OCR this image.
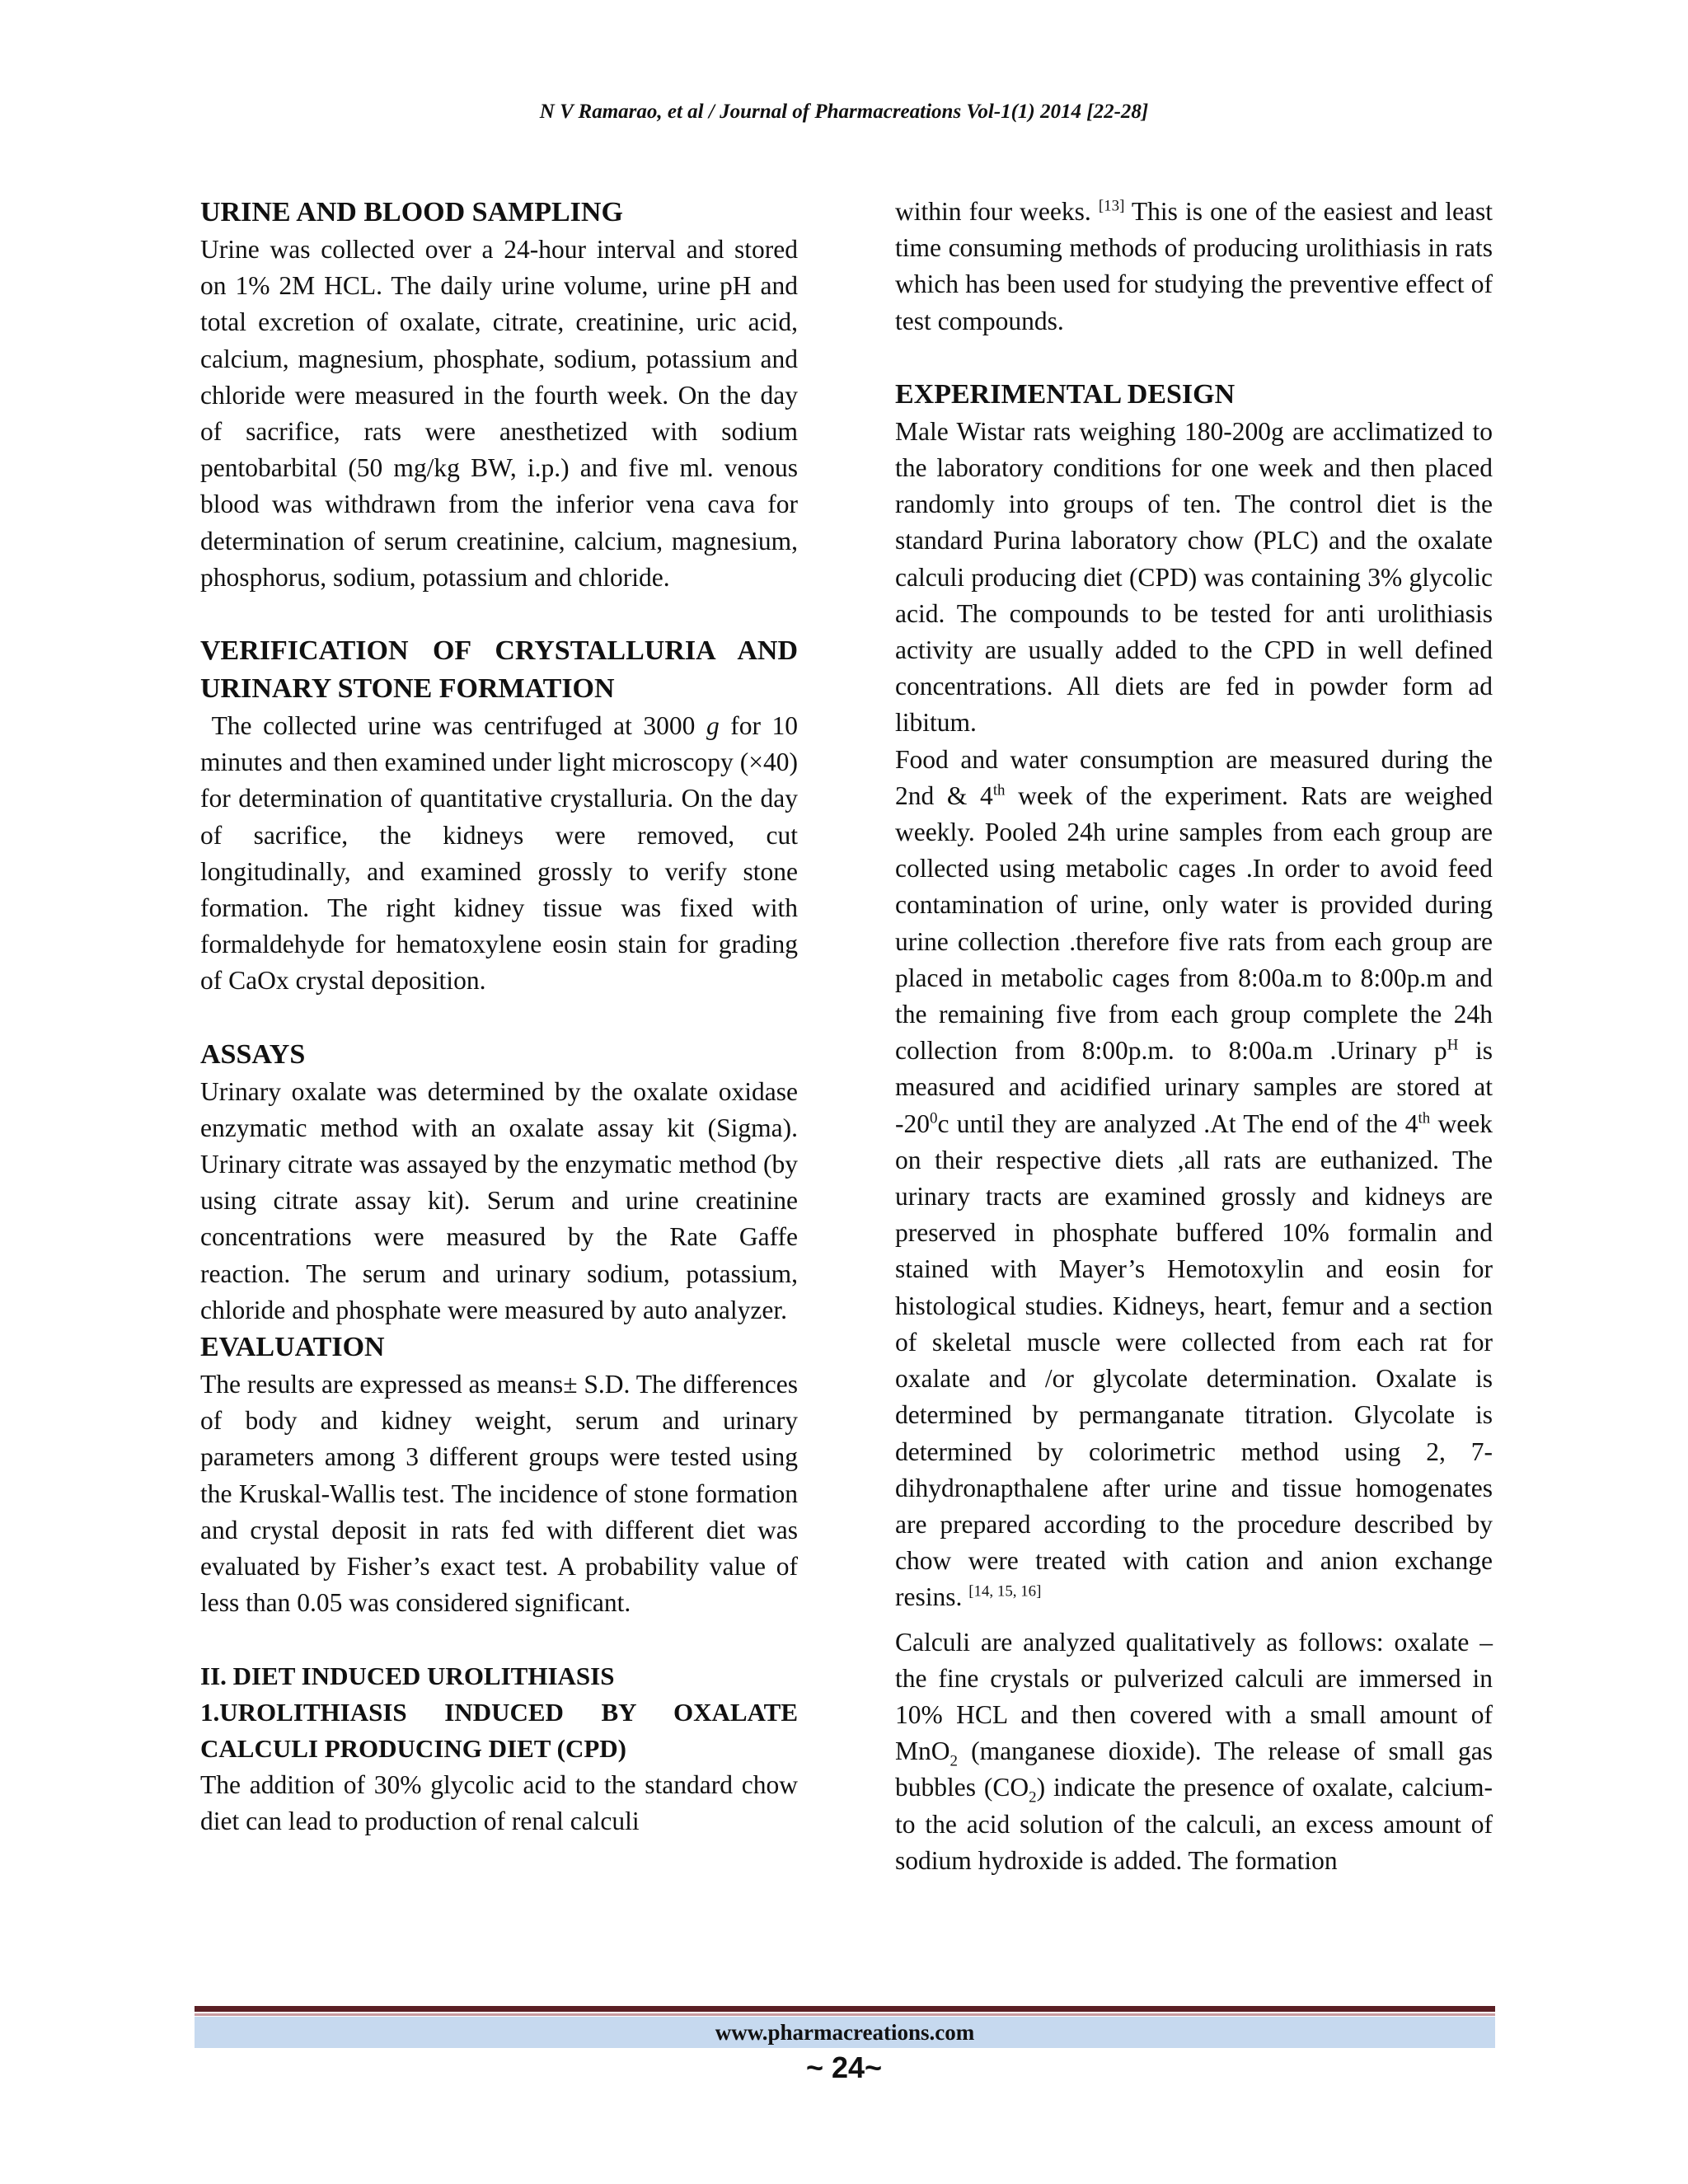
N V Ramarao, et al / Journal of Pharmacreations Vol-1(1) 2014 [22-28]

URINE AND BLOOD SAMPLING

Urine was collected over a 24-hour interval and stored on 1% 2M HCL. The daily urine volume, urine pH and total excretion of oxalate, citrate, creatinine, uric acid, calcium, magnesium, phosphate, sodium, potassium and chloride were measured in the fourth week. On the day of sacrifice, rats were anesthetized with sodium pentobarbital (50 mg/kg BW, i.p.) and five ml. venous blood was withdrawn from the inferior vena cava for determination of serum creatinine, calcium, magnesium, phosphorus, sodium, potassium and chloride.

VERIFICATION OF CRYSTALLURIA AND URINARY STONE FORMATION

The collected urine was centrifuged at 3000 g for 10 minutes and then examined under light microscopy (×40) for determination of quantitative crystalluria. On the day of sacrifice, the kidneys were removed, cut longitudinally, and examined grossly to verify stone formation. The right kidney tissue was fixed with formaldehyde for hematoxylene eosin stain for grading of CaOx crystal deposition.

ASSAYS

Urinary oxalate was determined by the oxalate oxidase enzymatic method with an oxalate assay kit (Sigma). Urinary citrate was assayed by the enzymatic method (by using citrate assay kit). Serum and urine creatinine concentrations were measured by the Rate Gaffe reaction. The serum and urinary sodium, potassium, chloride and phosphate were measured by auto analyzer.

EVALUATION

The results are expressed as means± S.D. The differences of body and kidney weight, serum and urinary parameters among 3 different groups were tested using the Kruskal-Wallis test. The incidence of stone formation and crystal deposit in rats fed with different diet was evaluated by Fisher’s exact test. A probability value of less than 0.05 was considered significant.

II. DIET INDUCED UROLITHIASIS

1.UROLITHIASIS INDUCED BY OXALATE CALCULI PRODUCING DIET (CPD)

The addition of 30% glycolic acid to the standard chow diet can lead to production of renal calculi

within four weeks. [13] This is one of the easiest and least time consuming methods of producing urolithiasis in rats which has been used for studying the preventive effect of test compounds.

EXPERIMENTAL DESIGN

Male Wistar rats weighing 180-200g are acclimatized to the laboratory conditions for one week and then placed randomly into groups of ten. The control diet is the standard Purina laboratory chow (PLC) and the oxalate calculi producing diet (CPD) was containing 3% glycolic acid. The compounds to be tested for anti urolithiasis activity are usually added to the CPD in well defined concentrations. All diets are fed in powder form ad libitum.

Food and water consumption are measured during the 2nd & 4th week of the experiment. Rats are weighed weekly. Pooled 24h urine samples from each group are collected using metabolic cages .In order to avoid feed contamination of urine, only water is provided during urine collection .therefore five rats from each group are placed in metabolic cages from 8:00a.m to 8:00p.m and the remaining five from each group complete the 24h collection from 8:00p.m. to 8:00a.m .Urinary $p^H$ is measured and acidified urinary samples are stored at $-20^0c$ until they are analyzed .At The end of the 4th week on their respective diets ,all rats are euthanized. The urinary tracts are examined grossly and kidneys are preserved in phosphate buffered 10% formalin and stained with Mayer’s Hemotoxylin and eosin for histological studies. Kidneys, heart, femur and a section of skeletal muscle were collected from each rat for oxalate and /or glycolate determination. Oxalate is determined by permanganate titration. Glycolate is determined by colorimetric method using 2, 7-dihydronapthalene after urine and tissue homogenates are prepared according to the procedure described by chow were treated with cation and anion exchange resins. [14, 15, 16]

Calculi are analyzed qualitatively as follows: oxalate – the fine crystals or pulverized calculi are immersed in 10% HCL and then covered with a small amount of MnO$_2$ (manganese dioxide). The release of small gas bubbles $(CO_2)$ indicate the presence of oxalate, calcium-to the acid solution of the calculi, an excess amount of sodium hydroxide is added. The formation

www.pharmacreations.com
~ 24~
